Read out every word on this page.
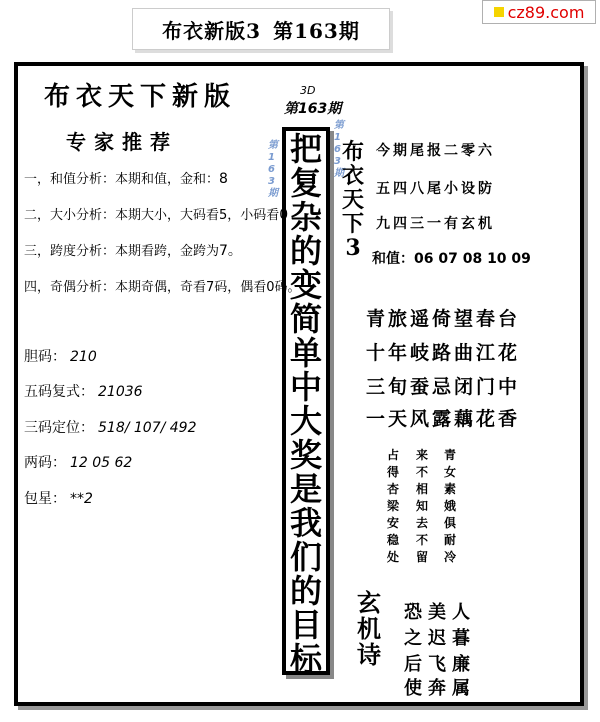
布衣新版3 第163期
cz89.com
布衣天下新版
专家推荐
一，和值分析：本期和值，金和：8
二，大小分析：本期大小，大码看5，小码看0
三，跨度分析：本期看跨，金跨为7。
四，奇偶分析：本期奇偶，奇看7码，偶看0码。
胆码： 210
五码复式： 21036
三码定位： 518/ 107/ 492
两码： 12 05 62
包星： **2
3D
第163期
把复杂的变简单中大奖是我们的目标
第163期
第163期
布衣天下3
今期尾报二零六
五四八尾小设防
九四三一有玄机
和值：06 07 08 10 09
青旅遥倚望春台
十年岐路曲江花
三旬蚕忌闭门中
一天风露藕花香
占得杏梁安稳处
来不相知去不留
青女素娥俱耐冷
玄机诗
恐美人
之迟暮
后飞廉
使奔属
